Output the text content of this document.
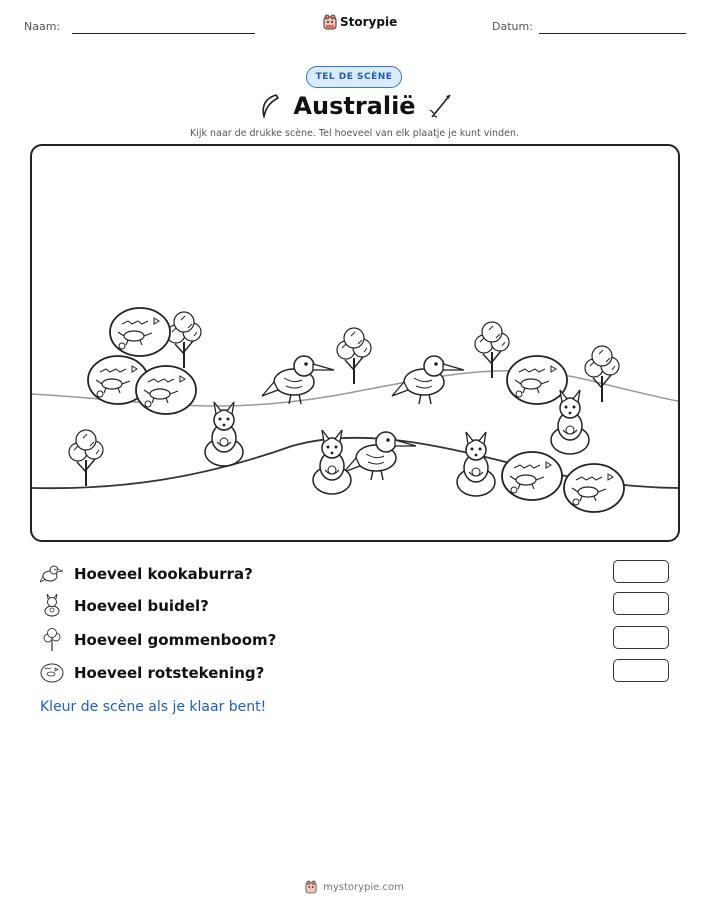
Naam:	Storypie	Datum:
TEL DE SCÈNE
Australië
Kijk naar de drukke scène. Tel hoeveel van elk plaatje je kunt vinden.
Hoeveel kookaburra?
Hoeveel buidel?
Hoeveel gommenboom?
Hoeveel rotstekening?
Kleur de scène als je klaar bent!
mystorypie.com
